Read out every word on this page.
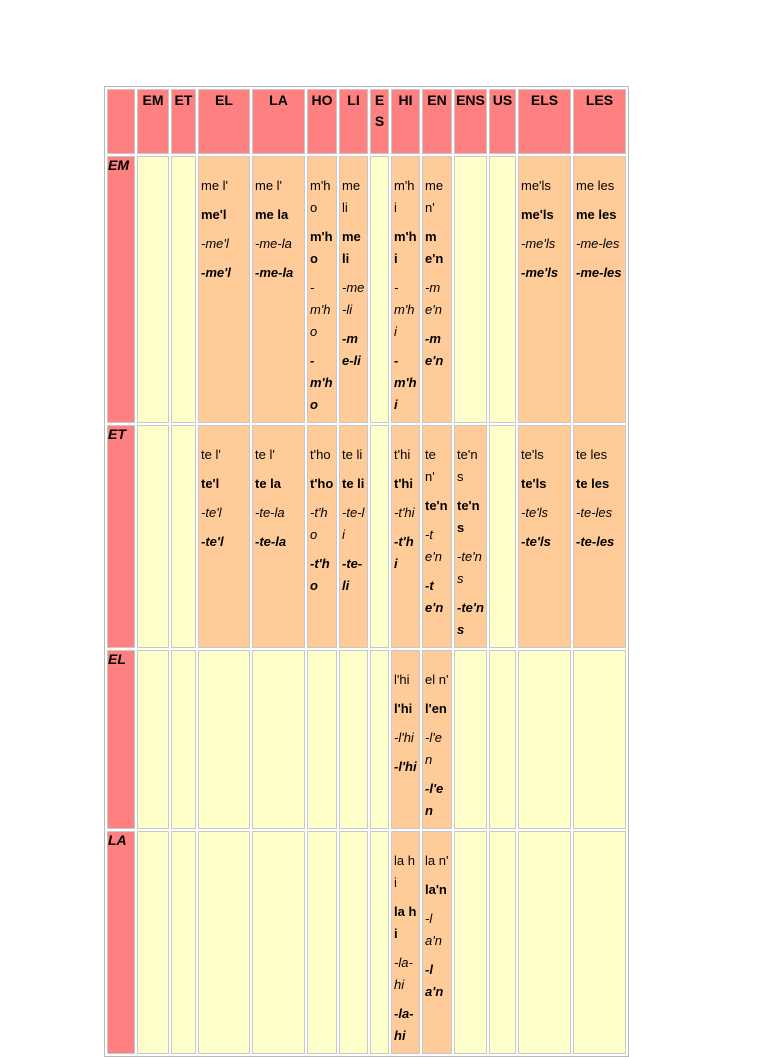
	EM	ET	EL	LA	HO	LI	ES	HI	EN	ENS	US	ELS	LES
EM			me l'
me'l
-me'l
-me'l	me l'
me la
-me-la
-me-la	m'ho
m'ho
-m'ho
-m'ho	me li
me li
-me-li
-me-li		m'hi
m'hi
-m'hi
-m'hi	me n'
me'n
-me'n
-me'n			me'ls
me'ls
-me'ls
-me'ls	me les
me les
-me-les
-me-les

ET			te l'
te'l
-te'l
-te'l	te l'
te la
-te-la
-te-la	t'ho
t'ho
-t'ho
-t'ho	te li
te li
-te-li
-te-li		t'hi
t'hi
-t'hi
-t'hi	te n'
te'n
-te'n
-te'n	te'ns
te'ns
-te'ns
-te'ns		te'ls
te'ls
-te'ls
-te'ls	te les
te les
-te-les
-te-les

EL								l'hi
l'hi
-l'hi
-l'hi	el n'
l'en
-l'en
-l'en				

LA								la hi
la hi
-la-hi
-la-hi	la n'
la'n
-la'n
-la'n				
